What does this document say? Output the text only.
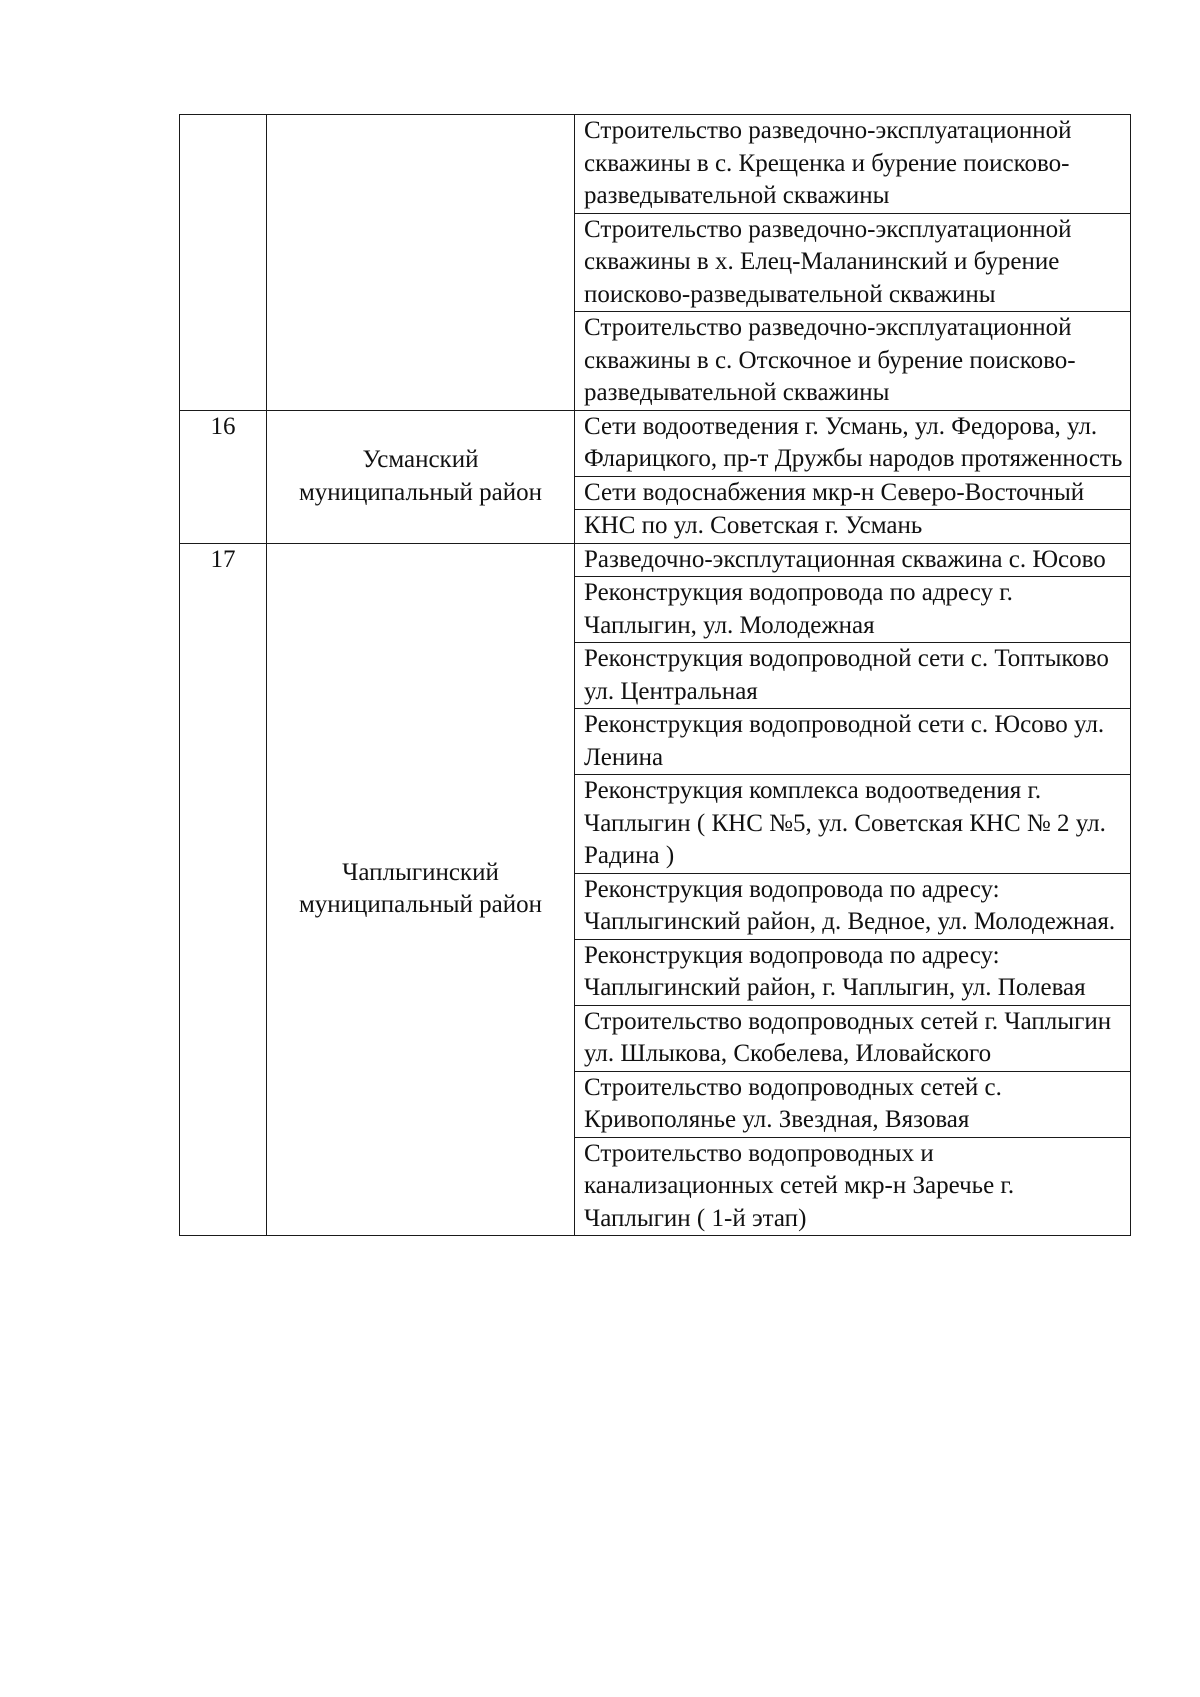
		Строительство разведочно-эксплуатационной скважины в с. Крещенка и бурение поисково-разведывательной скважины

		Строительство разведочно-эксплуатационной скважины в х. Елец-Маланинский и бурение поисково-разведывательной скважины

		Строительство разведочно-эксплуатационной скважины в с. Отскочное и бурение поисково-разведывательной скважины

16	Усманский муниципальный район	Сети водоотведения г. Усмань, ул. Федорова, ул. Фларицкого, пр-т Дружбы народов протяженность

		Сети водоснабжения мкр-н Северо-Восточный

		КНС по ул. Советская г. Усмань

17	Чаплыгинский муниципальный район	Разведочно-эксплутационная скважина с. Юсово

		Реконструкция водопровода по адресу г. Чаплыгин, ул. Молодежная

		Реконструкция водопроводной сети с. Топтыково ул. Центральная

		Реконструкция водопроводной сети с. Юсово ул. Ленина

		Реконструкция комплекса водоотведения г. Чаплыгин ( КНС №5, ул. Советская КНС № 2 ул. Радина )

		Реконструкция водопровода по адресу: Чаплыгинский район, д. Ведное, ул. Молодежная.

		Реконструкция водопровода по адресу: Чаплыгинский район, г. Чаплыгин, ул. Полевая

		Строительство водопроводных сетей г. Чаплыгин ул. Шлыкова, Скобелева, Иловайского

		Строительство водопроводных сетей с. Кривополянье ул. Звездная, Вязовая

		Строительство водопроводных и канализационных сетей мкр-н Заречье г. Чаплыгин ( 1-й этап)
